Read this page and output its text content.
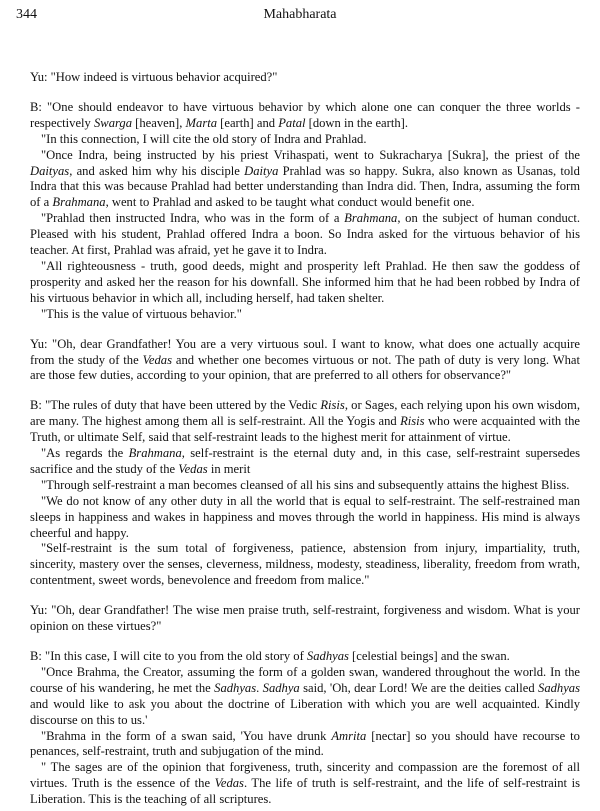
344	Mahabharata

Yu: "How indeed is virtuous behavior acquired?"

B: "One should endeavor to have virtuous behavior by which alone one can conquer the three worlds - respectively Swarga [heaven], Marta [earth] and Patal [down in the earth].

"In this connection, I will cite the old story of Indra and Prahlad.

"Once Indra, being instructed by his priest Vrihaspati, went to Sukracharya [Sukra], the priest of the Daityas, and asked him why his disciple Daitya Prahlad was so happy. Sukra, also known as Usanas, told Indra that this was because Prahlad had better understanding than Indra did. Then, Indra, assuming the form of a Brahmana, went to Prahlad and asked to be taught what conduct would benefit one.

"Prahlad then instructed Indra, who was in the form of a Brahmana, on the subject of human conduct. Pleased with his student, Prahlad offered Indra a boon. So Indra asked for the virtuous behavior of his teacher. At first, Prahlad was afraid, yet he gave it to Indra.

"All righteousness - truth, good deeds, might and prosperity left Prahlad. He then saw the goddess of prosperity and asked her the reason for his downfall. She informed him that he had been robbed by Indra of his virtuous behavior in which all, including herself, had taken shelter.

"This is the value of virtuous behavior."

Yu: "Oh, dear Grandfather! You are a very virtuous soul. I want to know, what does one actually acquire from the study of the Vedas and whether one becomes virtuous or not. The path of duty is very long. What are those few duties, according to your opinion, that are preferred to all others for observance?"

B: "The rules of duty that have been uttered by the Vedic Risis, or Sages, each relying upon his own wisdom, are many. The highest among them all is self-restraint. All the Yogis and Risis who were acquainted with the Truth, or ultimate Self, said that self-restraint leads to the highest merit for attainment of virtue.

"As regards the Brahmana, self-restraint is the eternal duty and, in this case, self-restraint supersedes sacrifice and the study of the Vedas in merit

"Through self-restraint a man becomes cleansed of all his sins and subsequently attains the highest Bliss.

"We do not know of any other duty in all the world that is equal to self-restraint. The self-restrained man sleeps in happiness and wakes in happiness and moves through the world in happiness. His mind is always cheerful and happy.

"Self-restraint is the sum total of forgiveness, patience, abstension from injury, impartiality, truth, sincerity, mastery over the senses, cleverness, mildness, modesty, steadiness, liberality, freedom from wrath, contentment, sweet words, benevolence and freedom from malice."

Yu: "Oh, dear Grandfather! The wise men praise truth, self-restraint, forgiveness and wisdom. What is your opinion on these virtues?"

B: "In this case, I will cite to you from the old story of Sadhyas [celestial beings] and the swan.

"Once Brahma, the Creator, assuming the form of a golden swan, wandered throughout the world. In the course of his wandering, he met the Sadhyas. Sadhya said, 'Oh, dear Lord! We are the deities called Sadhyas and would like to ask you about the doctrine of Liberation with which you are well acquainted. Kindly discourse on this to us.'

"Brahma in the form of a swan said, 'You have drunk Amrita [nectar] so you should have recourse to penances, self-restraint, truth and subjugation of the mind.

" The sages are of the opinion that forgiveness, truth, sincerity and compassion are the foremost of all virtues. Truth is the essence of the Vedas. The life of truth is self-restraint, and the life of self-restraint is Liberation. This is the teaching of all scriptures.
